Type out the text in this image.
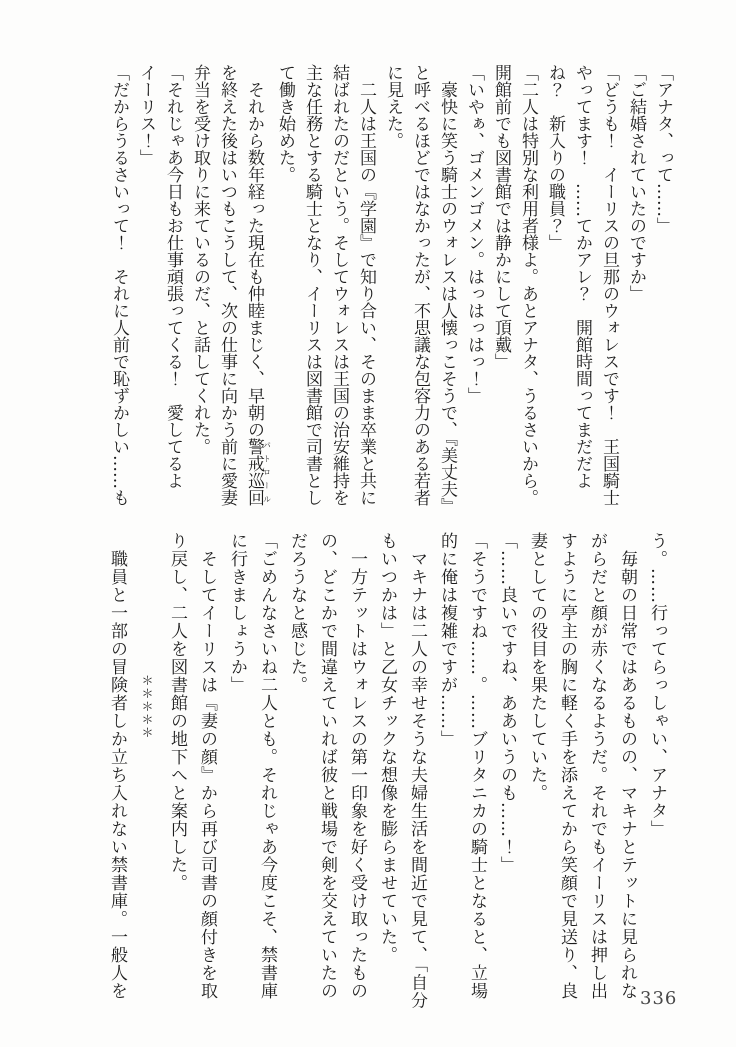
「アナタ、って……」

「ご結婚されていたのですか」

「どうも！　イーリスの旦那のウォレスです！　王国騎士やってます！　……てかアレ？　開館時間ってまだだよね？　新入りの職員？」

「二人は特別な利用者様よ。あとアナタ、うるさいから。開館前でも図書館では静かにして頂戴」

「いやぁ、ゴメンゴメン。はっはっはっ！」

　豪快に笑う騎士のウォレスは人懐っこそうで、『美丈夫』と呼べるほどではなかったが、不思議な包容力のある若者に見えた。

　二人は王国の『学園』で知り合い、そのまま卒業と共に結ばれたのだという。そしてウォレスは王国の治安維持を主な任務とする騎士となり、イーリスは図書館で司書として働き始めた。

　それから数年経った現在も仲睦まじく、早朝の警戒巡回パトロールを終えた後はいつもこうして、次の仕事に向かう前に愛妻弁当を受け取りに来ているのだ、と話してくれた。

「それじゃあ今日もお仕事頑張ってくる！　愛してるよイーリス！」

「だからうるさいって！　それに人前で恥ずかしい……も

う。……行ってらっしゃい、アナタ」

　毎朝の日常ではあるものの、マキナとテットに見られながらだと顔が赤くなるようだ。それでもイーリスは押し出すように亭主の胸に軽く手を添えてから笑顔で見送り、良妻としての役目を果たしていた。

「……良いですね、ああいうのも……！」

「そうですね……。……ブリタニカの騎士となると、立場的に俺は複雑ですが……」

　マキナは二人の幸せそうな夫婦生活を間近で見て、「自分もいつかは」と乙女チックな想像を膨らませていた。

　一方テットはウォレスの第一印象を好く受け取ったものの、どこかで間違えていれば彼と戦場で剣を交えていたのだろうなと感じた。

「ごめんなさいね二人とも。それじゃあ今度こそ、禁書庫に行きましょうか」

　そしてイーリスは『妻の顔』から再び司書の顔付きを取り戻し、二人を図書館の地下へと案内した。

＊＊＊＊＊

　職員と一部の冒険者しか立ち入れない禁書庫。一般人を	336
